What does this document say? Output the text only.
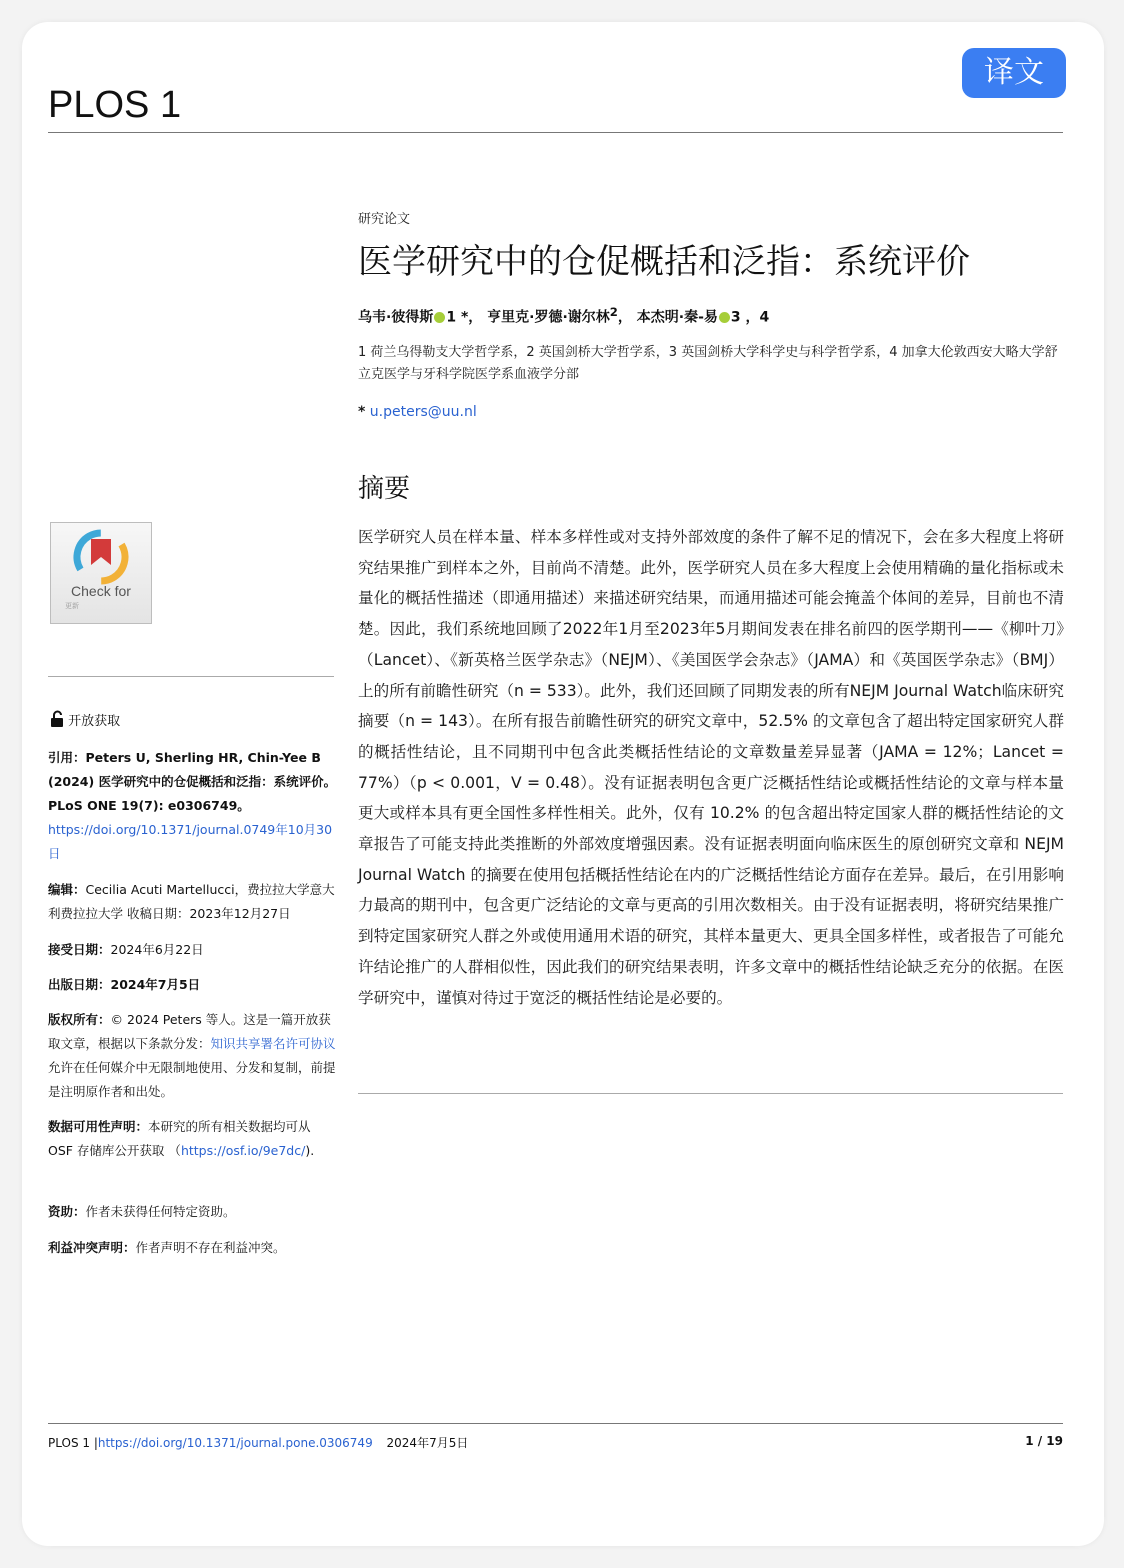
译文
PLOS 1
研究论文
医学研究中的仓促概括和泛指：系统评价
乌韦·彼得斯 1 *， 亨里克·罗德·谢尔林$^2$， 本杰明·秦-易 3 ，4
1 荷兰乌得勒支大学哲学系，2 英国剑桥大学哲学系，3 英国剑桥大学科学史与科学哲学系，4 加拿大伦敦西安大略大学舒立克医学与牙科学院医学系血液学分部
* u.peters@uu.nl
摘要

医学研究人员在样本量、样本多样性或对支持外部效度的条件了解不足的情况下，会在多大程度上将研究结果推广到样本之外，目前尚不清楚。此外，医学研究人员在多大程度上会使用精确的量化指标或未量化的概括性描述（即通用描述）来描述研究结果，而通用描述可能会掩盖个体间的差异，目前也不清楚。因此，我们系统地回顾了2022年1月至2023年5月期间发表在排名前四的医学期刊——《柳叶刀》（Lancet）、《新英格兰医学杂志》（NEJM）、《美国医学会杂志》（JAMA）和《英国医学杂志》（BMJ）上的所有前瞻性研究（n = 533）。此外，我们还回顾了同期发表的所有NEJM Journal Watch临床研究摘要（n = 143）。在所有报告前瞻性研究的研究文章中，52.5% 的文章包含了超出特定国家研究人群的概括性结论，且不同期刊中包含此类概括性结论的文章数量差异显著（JAMA = 12%；Lancet = 77%）（p < 0.001，V = 0.48）。没有证据表明包含更广泛概括性结论或概括性结论的文章与样本量更大或样本具有更全国性多样性相关。此外，仅有 10.2% 的包含超出特定国家人群的概括性结论的文章报告了可能支持此类推断的外部效度增强因素。没有证据表明面向临床医生的原创研究文章和 NEJM Journal Watch 的摘要在使用包括概括性结论在内的广泛概括性结论方面存在差异。最后，在引用影响力最高的期刊中，包含更广泛结论的文章与更高的引用次数相关。由于没有证据表明，将研究结果推广到特定国家研究人群之外或使用通用术语的研究，其样本量更大、更具全国多样性，或者报告了可能允许结论推广的人群相似性，因此我们的研究结果表明，许多文章中的概括性结论缺乏充分的依据。在医学研究中，谨慎对待过于宽泛的概括性结论是必要的。

Check for
更新
开放获取
引用：Peters U, Sherling HR, Chin-Yee B (2024) 医学研究中的仓促概括和泛指：系统评价。PLoS ONE 19(7): e0306749。 https://doi.org/10.1371/journal.0749年10月30日
编辑：Cecilia Acuti Martellucci，费拉拉大学意大利费拉拉大学 收稿日期：2023年12月27日
接受日期：2024年6月22日
出版日期：2024年7月5日
版权所有：© 2024 Peters 等人。这是一篇开放获取文章，根据以下条款分发：知识共享署名许可协议允许在任何媒介中无限制地使用、分发和复制，前提是注明原作者和出处。
数据可用性声明：本研究的所有相关数据均可从 OSF 存储库公开获取 （https://osf.io/9e7dc/).
资助：作者未获得任何特定资助。
利益冲突声明：作者声明不存在利益冲突。
PLOS 1 |https://doi.org/10.1371/journal.pone.0306749 2024年7月5日	1 / 19
